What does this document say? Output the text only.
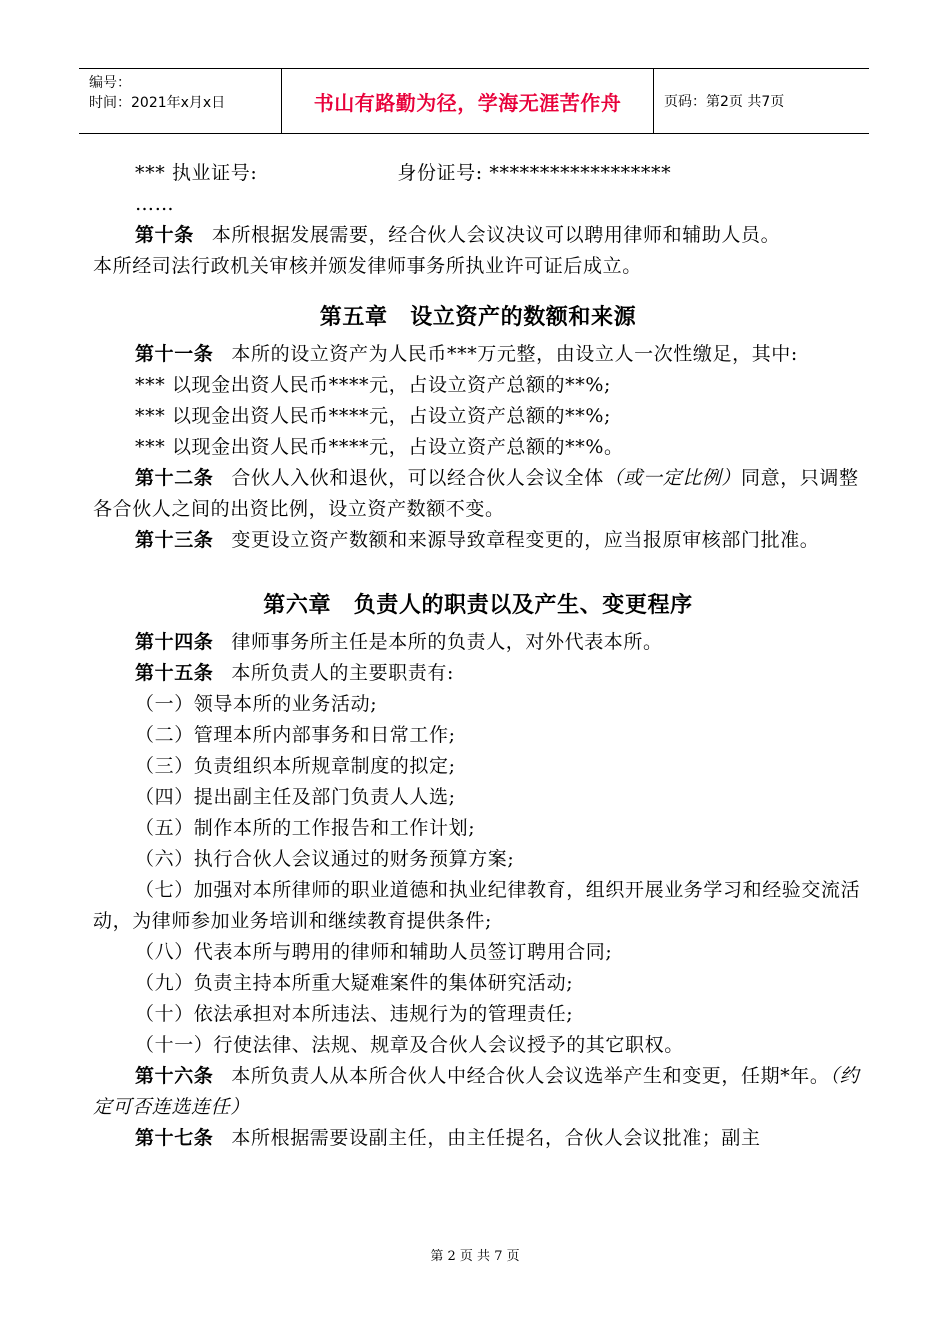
编号：
时间：2021年x月x日	书山有路勤为径，学海无涯苦作舟	页码：第2页 共7页

*** 执业证号:	身份证号: ******************

……

第十条 本所根据发展需要，经合伙人会议决议可以聘用律师和辅助人员。

本所经司法行政机关审核并颁发律师事务所执业许可证后成立。

第五章　设立资产的数额和来源

第十一条 本所的设立资产为人民币***万元整，由设立人一次性缴足，其中:

*** 以现金出资人民币****元，占设立资产总额的**%;

*** 以现金出资人民币****元，占设立资产总额的**%;

*** 以现金出资人民币****元，占设立资产总额的**%。

第十二条 合伙人入伙和退伙，可以经合伙人会议全体（或一定比例）同意，只调整各合伙人之间的出资比例，设立资产数额不变。

第十三条 变更设立资产数额和来源导致章程变更的，应当报原审核部门批准。

第六章　负责人的职责以及产生、变更程序

第十四条 律师事务所主任是本所的负责人，对外代表本所。

第十五条 本所负责人的主要职责有:

（一）领导本所的业务活动;

（二）管理本所内部事务和日常工作;

（三）负责组织本所规章制度的拟定;

（四）提出副主任及部门负责人人选;

（五）制作本所的工作报告和工作计划;

（六）执行合伙人会议通过的财务预算方案;

（七）加强对本所律师的职业道德和执业纪律教育，组织开展业务学习和经验交流活动，为律师参加业务培训和继续教育提供条件;

（八）代表本所与聘用的律师和辅助人员签订聘用合同;

（九）负责主持本所重大疑难案件的集体研究活动;

（十）依法承担对本所违法、违规行为的管理责任;

（十一）行使法律、法规、规章及合伙人会议授予的其它职权。

第十六条 本所负责人从本所合伙人中经合伙人会议选举产生和变更，任期*年。（约定可否连选连任）

第十七条 本所根据需要设副主任，由主任提名，合伙人会议批准；副主

第 2 页 共 7 页
